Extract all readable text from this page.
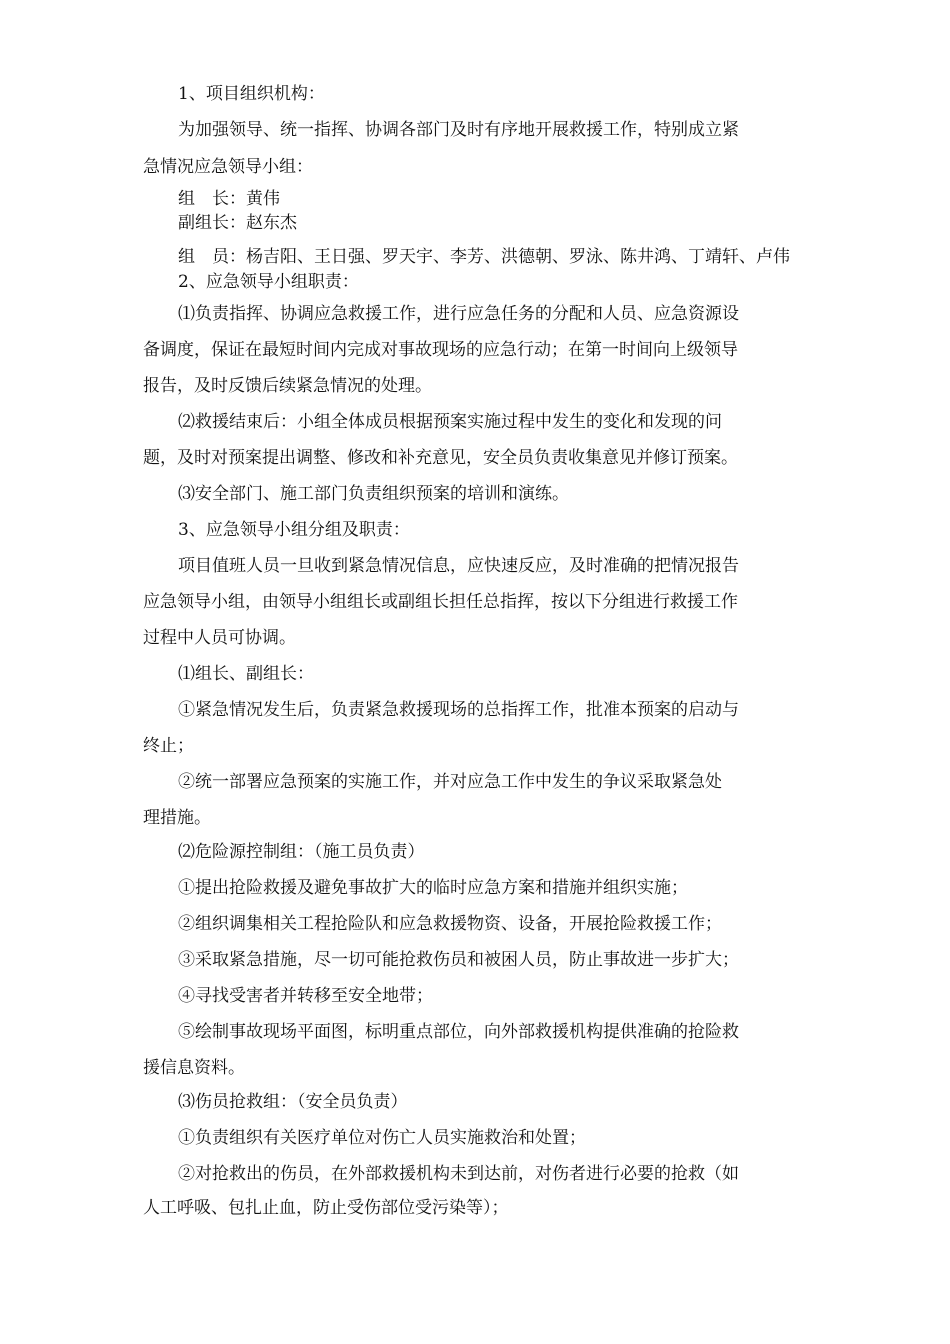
1、项目组织机构：
为加强领导、统一指挥、协调各部门及时有序地开展救援工作，特别成立紧
急情况应急领导小组：
组　长：黄伟
副组长：赵东杰
组　员：杨吉阳、王日强、罗天宇、李芳、洪德朝、罗泳、陈井鸿、丁靖轩、卢伟
2、应急领导小组职责：
⑴负责指挥、协调应急救援工作，进行应急任务的分配和人员、应急资源设
备调度，保证在最短时间内完成对事故现场的应急行动；在第一时间向上级领导
报告，及时反馈后续紧急情况的处理。
⑵救援结束后：小组全体成员根据预案实施过程中发生的变化和发现的问
题，及时对预案提出调整、修改和补充意见，安全员负责收集意见并修订预案。
⑶安全部门、施工部门负责组织预案的培训和演练。
3、应急领导小组分组及职责：
项目值班人员一旦收到紧急情况信息，应快速反应，及时准确的把情况报告
应急领导小组，由领导小组组长或副组长担任总指挥，按以下分组进行救援工作
过程中人员可协调。
⑴组长、副组长：
①紧急情况发生后，负责紧急救援现场的总指挥工作，批准本预案的启动与
终止；
②统一部署应急预案的实施工作，并对应急工作中发生的争议采取紧急处
理措施。
⑵危险源控制组：（施工员负责）
①提出抢险救援及避免事故扩大的临时应急方案和措施并组织实施；
②组织调集相关工程抢险队和应急救援物资、设备，开展抢险救援工作；
③采取紧急措施，尽一切可能抢救伤员和被困人员，防止事故进一步扩大；
④寻找受害者并转移至安全地带；
⑤绘制事故现场平面图，标明重点部位，向外部救援机构提供准确的抢险救
援信息资料。
⑶伤员抢救组：（安全员负责）
①负责组织有关医疗单位对伤亡人员实施救治和处置；
②对抢救出的伤员，在外部救援机构未到达前，对伤者进行必要的抢救（如
人工呼吸、包扎止血，防止受伤部位受污染等）；
